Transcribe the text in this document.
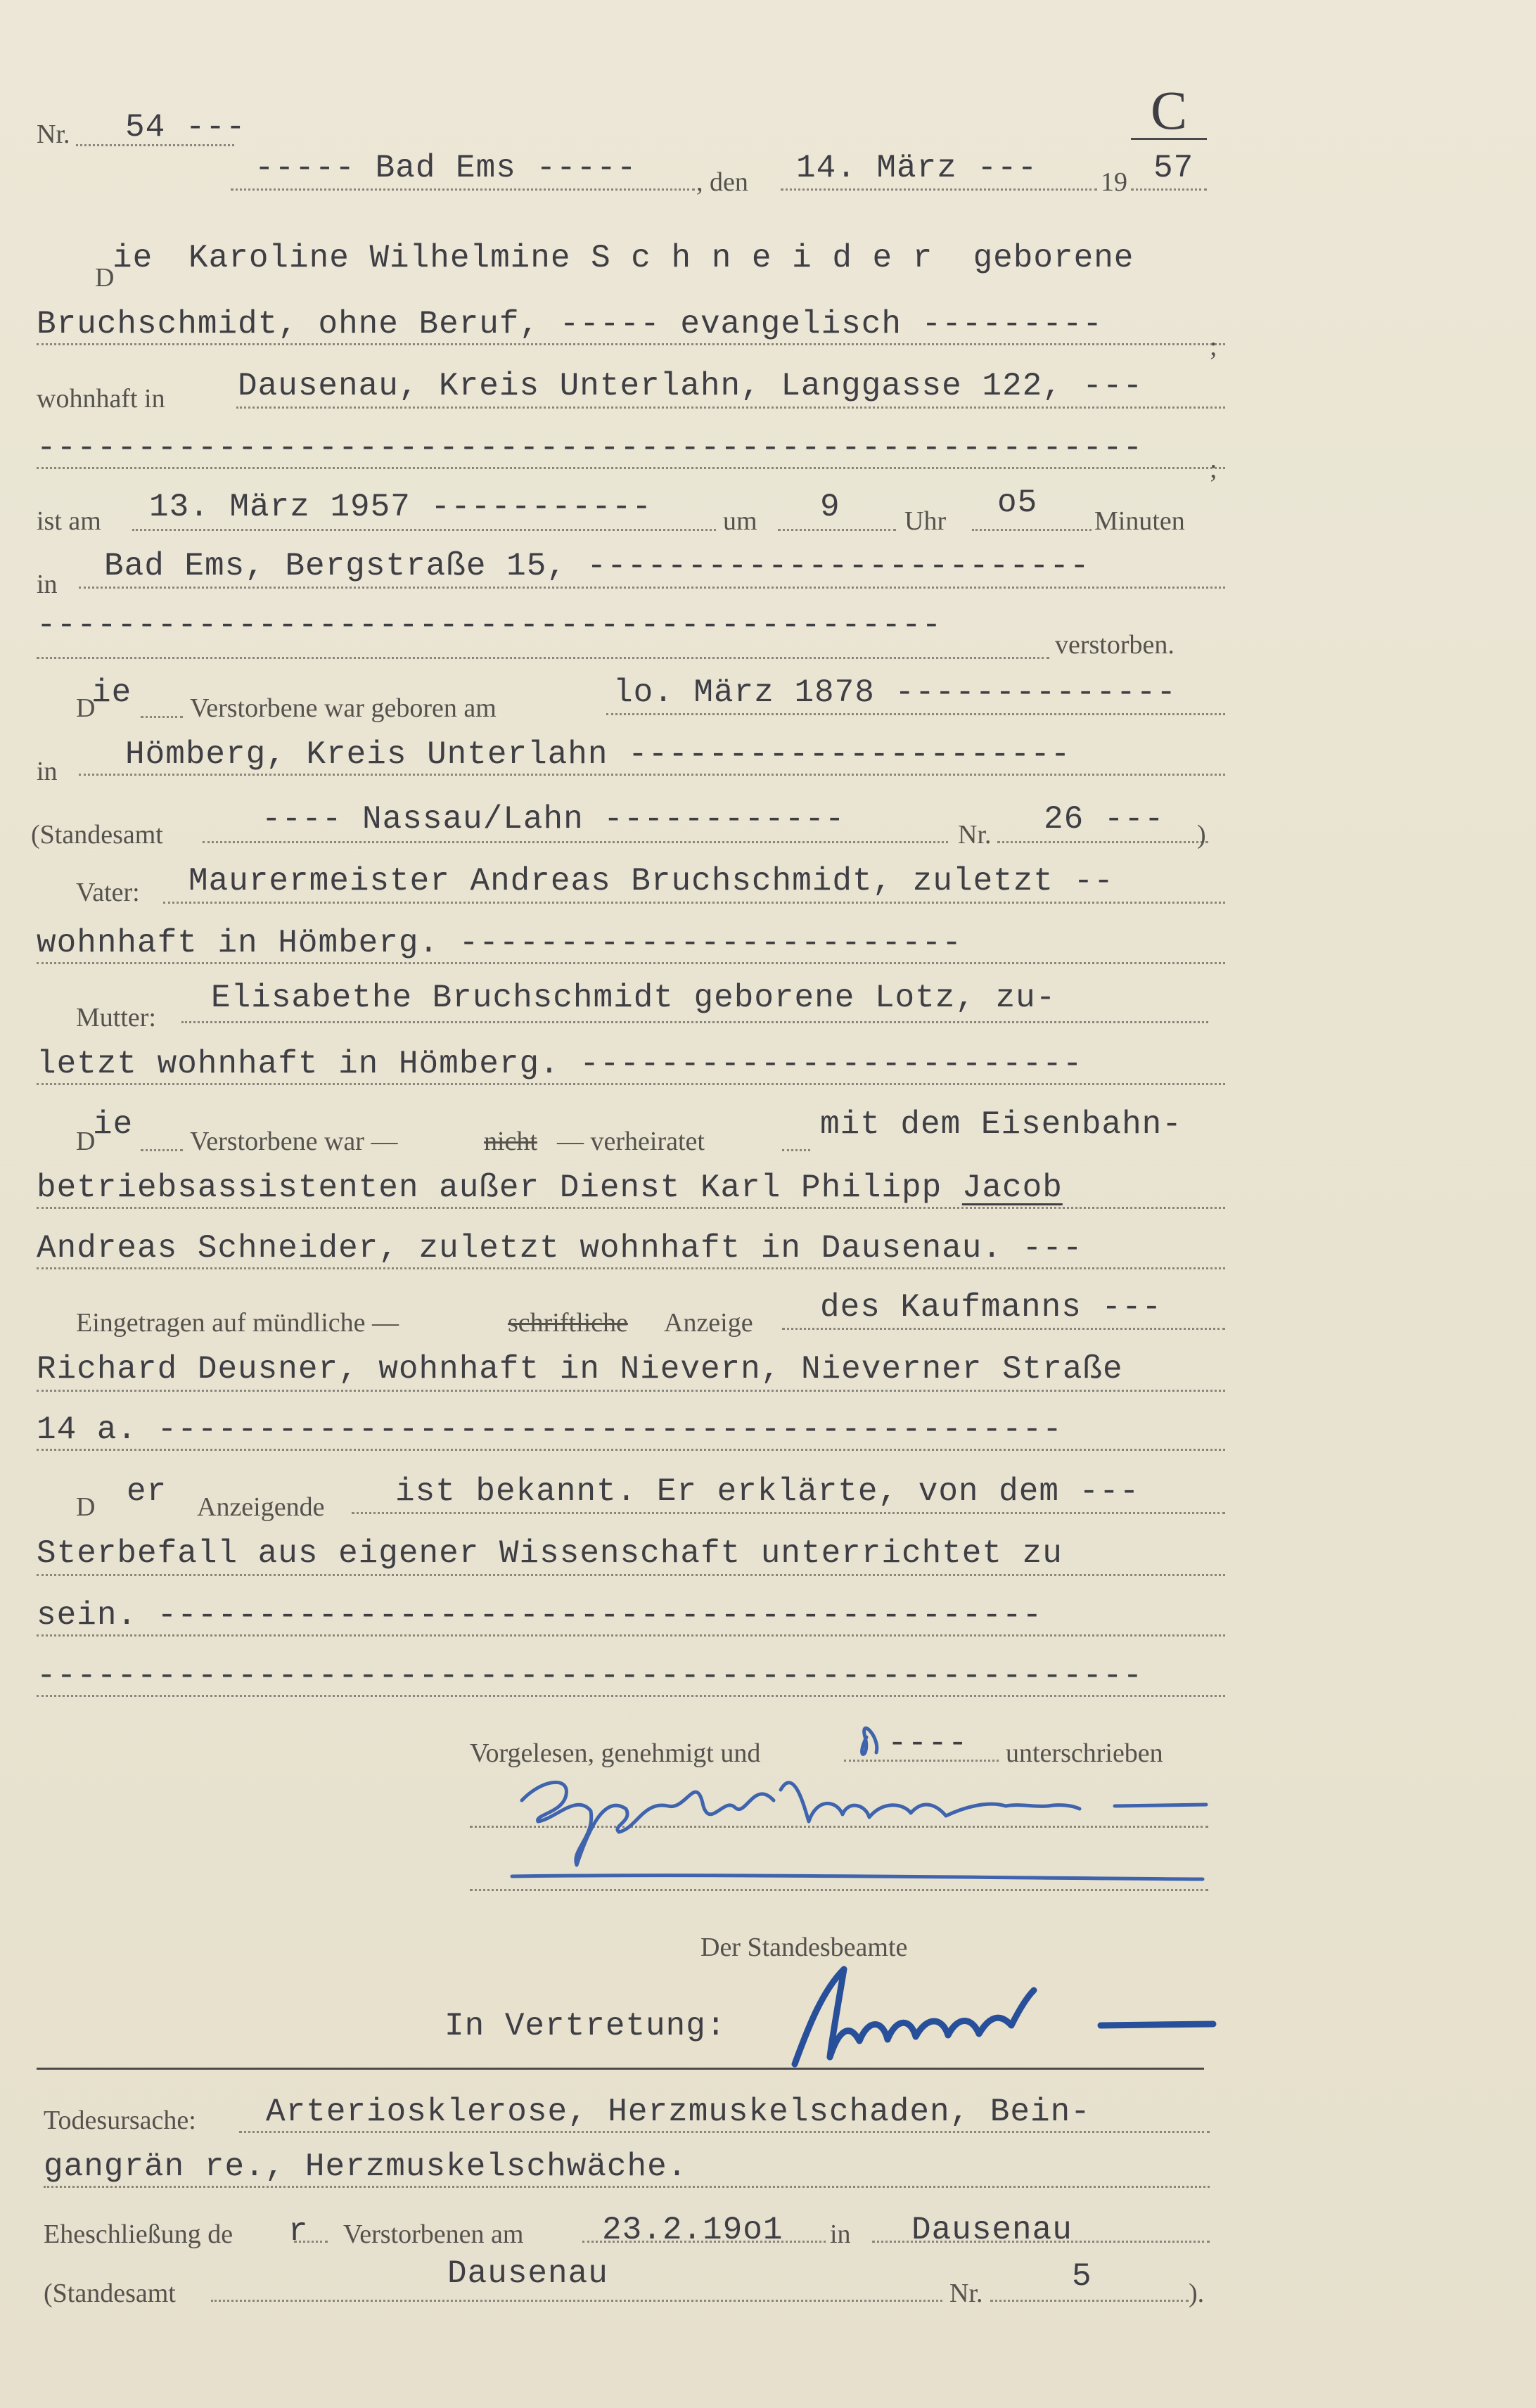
Nr. 54 ---	C
----- Bad Ems ----- , den 14. März --- 19 57
D
ie Karoline Wilhelmine S c h n e i d e r  geborene
Bruchschmidt, ohne Beruf, ----- evangelisch ---------
;
wohnhaft in Dausenau, Kreis Unterlahn, Langgasse 122, ---
-------------------------------------------------------
;
ist am 13. März 1957 -----------	um 9 Uhr o5 Minuten
in Bad Ems, Bergstraße 15, -------------------------
---------------------------------------------
verstorben.
D
ie Verstorbene war geboren am	lo. März 1878 --------------
in Hömberg, Kreis Unterlahn ----------------------
(Standesamt	---- Nassau/Lahn ------------	Nr. 26 --- )
Vater: Maurermeister Andreas Bruchschmidt, zuletzt --
wohnhaft in Hömberg. -------------------------
Mutter:
Elisabethe Bruchschmidt geborene Lotz, zu-
letzt wohnhaft in Hömberg. -------------------------
D
ie Verstorbene war —	nicht — verheiratet	mit dem Eisenbahn-
betriebsassistenten außer Dienst Karl Philipp Jacob
Andreas Schneider, zuletzt wohnhaft in Dausenau. ---
Eingetragen auf mündliche —	schriftliche Anzeige des Kaufmanns ---
Richard Deusner, wohnhaft in Nievern, Nieverner Straße
14 a. ---------------------------------------------
D er Anzeigende ist bekannt. Er erklärte, von dem ---
Sterbefall aus eigener Wissenschaft unterrichtet zu
sein. --------------------------------------------
-------------------------------------------------------
Vorgelesen, genehmigt und	---- unterschrieben
Der Standesbeamte
In Vertretung:
Todesursache: Arteriosklerose, Herzmuskelschaden, Bein-
gangrän re., Herzmuskelschwäche.
Eheschließung de r Verstorbenen am 23.2.19o1 in Dausenau
(Standesamt
Dausenau
Nr.	5	).
